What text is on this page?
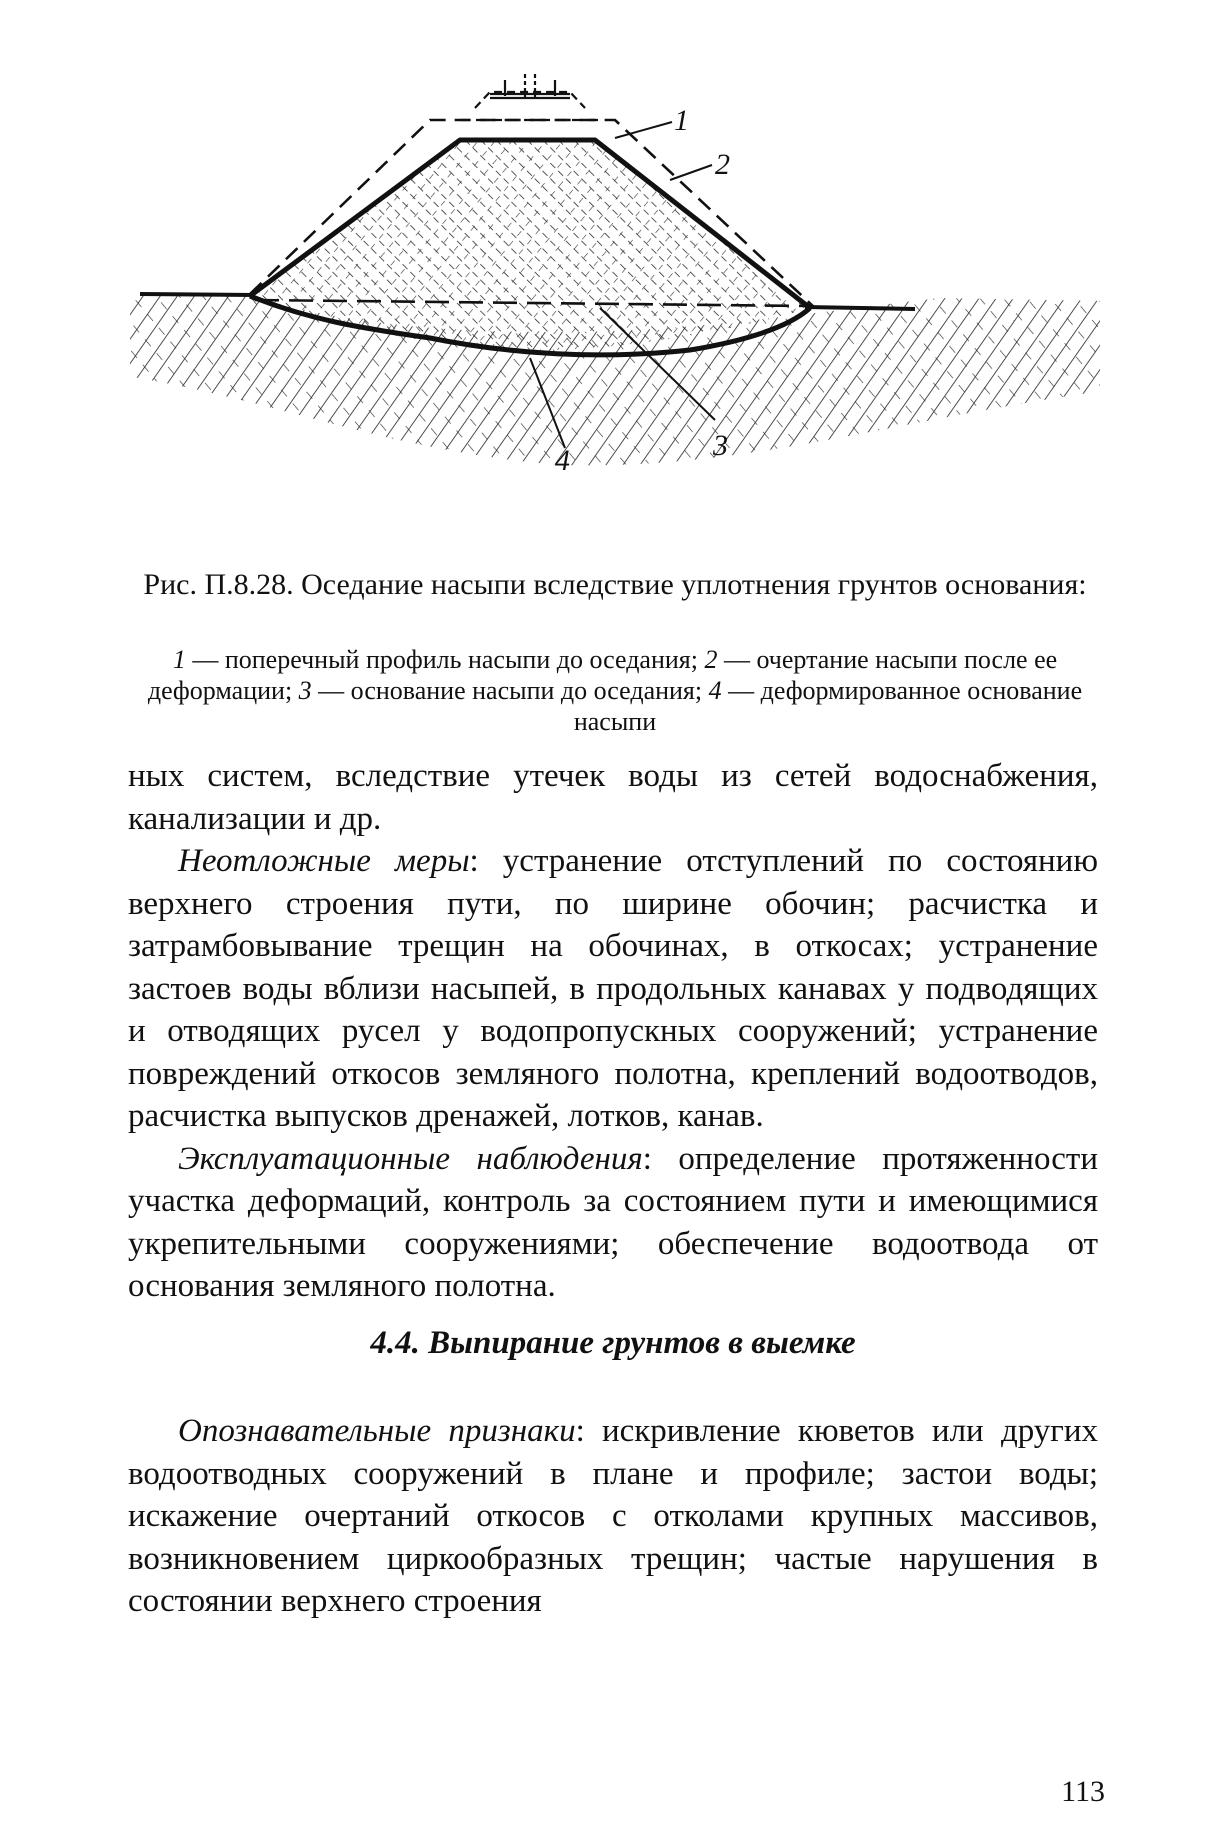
1
2
3
4
Рис. П.8.28. Оседание насыпи вследствие уплотнения грунтов основания:
1 — поперечный профиль насыпи до оседания; 2 — очертание насыпи после ее деформации; 3 — основание насыпи до оседания; 4 — деформированное основание насыпи

ных систем, вследствие утечек воды из сетей водоснабжения, канализации и др.

Неотложные меры: устранение отступлений по состоянию верхнего строения пути, по ширине обочин; расчистка и затрамбовывание трещин на обочинах, в откосах; устранение застоев воды вблизи насыпей, в продольных канавах у подводящих и отводящих русел у водопропускных сооружений; устранение повреждений откосов земляного полотна, креплений водоотводов, расчистка выпусков дренажей, лотков, канав.

Эксплуатационные наблюдения: определение протяженности участка деформаций, контроль за состоянием пути и имеющимися укрепительными сооружениями; обеспечение водоотвода от основания земляного полотна.

4.4. Выпирание грунтов в выемке

Опознавательные признаки: искривление кюветов или других водоотводных сооружений в плане и профиле; застои воды; искажение очертаний откосов с отколами крупных массивов, возникновением циркообразных трещин; частые нарушения в состоянии верхнего строения

113
